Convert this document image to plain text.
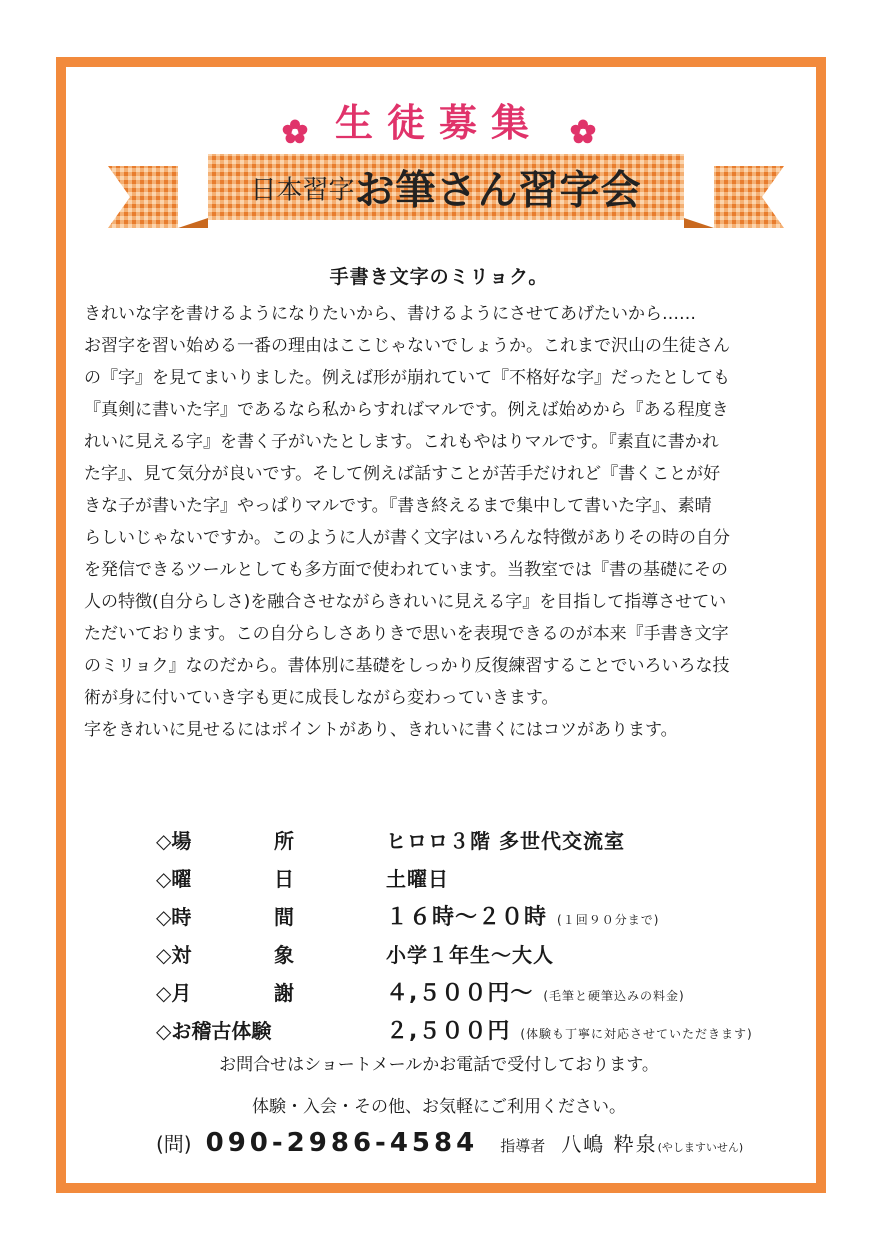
生徒募集
日本習字お筆さん習字会
手書き文字のミリョク。

きれいな字を書けるようになりたいから、書けるようにさせてあげたいから……

お習字を習い始める一番の理由はここじゃないでしょうか。これまで沢山の生徒さん
の『字』を見てまいりました。例えば形が崩れていて『不格好な字』だったとしても
『真剣に書いた字』であるなら私からすればマルです。例えば始めから『ある程度き
れいに見える字』を書く子がいたとします。これもやはりマルです。『素直に書かれ
た字』、見て気分が良いです。そして例えば話すことが苦手だけれど『書くことが好
きな子が書いた字』やっぱりマルです。『書き終えるまで集中して書いた字』、素晴
らしいじゃないですか。このように人が書く文字はいろんな特徴がありその時の自分
を発信できるツールとしても多方面で使われています。当教室では『書の基礎にその
人の特徴(自分らしさ)を融合させながらきれいに見える字』を目指して指導させてい
ただいております。この自分らしさありきで思いを表現できるのが本来『手書き文字
のミリョク』なのだから。書体別に基礎をしっかり反復練習することでいろいろな技
術が身に付いていき字も更に成長しながら変わっていきます。

字をきれいに見せるにはポイントがあり、きれいに書くにはコツがあります。

◇場	所	ヒロロ３階 多世代交流室
◇曜	日	土曜日
◇時	間	１６時～２０時 (１回９０分まで)
◇対	象	小学１年生～大人
◇月	謝	４,５００円～ (毛筆と硬筆込みの料金)
◇お稽古体験	２,５００円 (体験も丁寧に対応させていただきます)
お問合せはショートメールかお電話で受付しております。
体験・入会・その他、お気軽にご利用ください。
(問) 090-2986-4584 指導者 八嶋 粋泉(やしますいせん)
